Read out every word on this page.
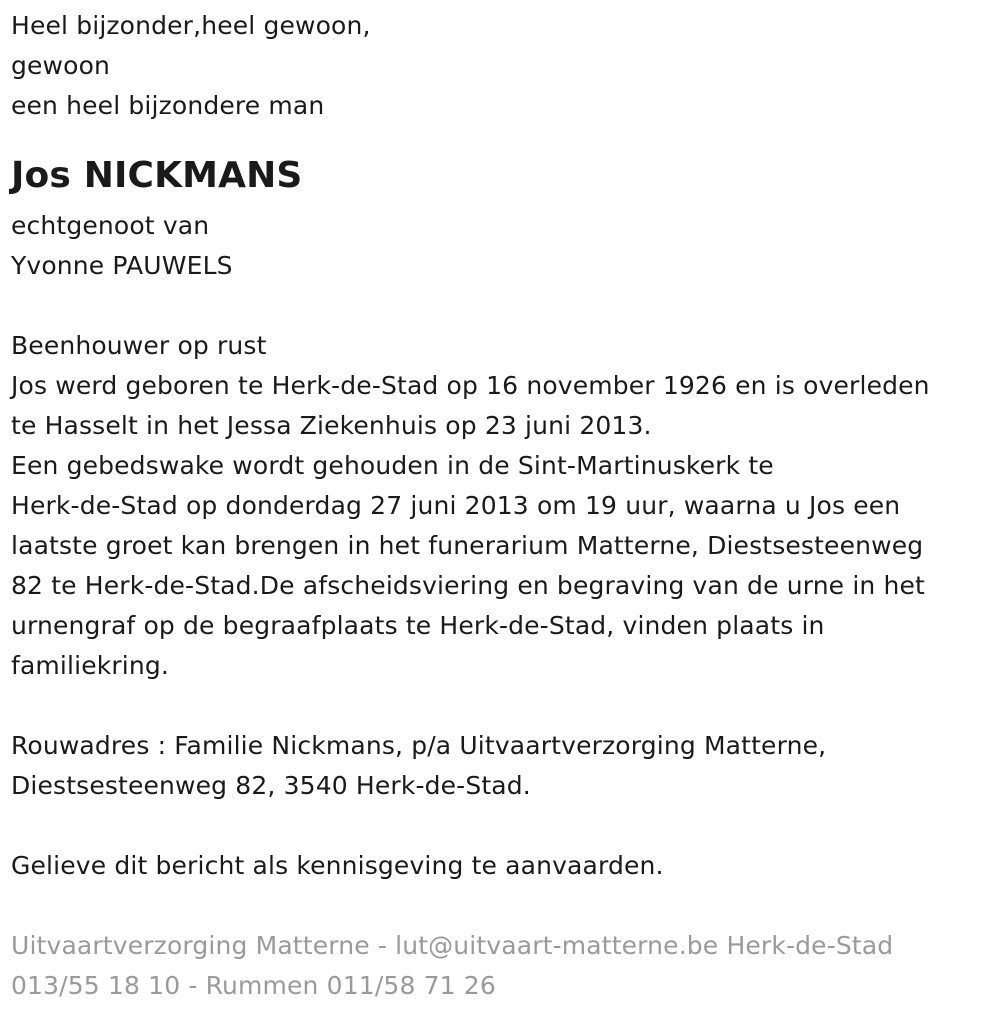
Heel bijzonder,heel gewoon,
gewoon
een heel bijzondere man
Jos NICKMANS
echtgenoot van
Yvonne PAUWELS
Beenhouwer op rust
Jos werd geboren te Herk-de-Stad op 16 november 1926 en is overleden
te Hasselt in het Jessa Ziekenhuis op 23 juni 2013.
Een gebedswake wordt gehouden in de Sint-Martinuskerk te
Herk-de-Stad op donderdag 27 juni 2013 om 19 uur, waarna u Jos een
laatste groet kan brengen in het funerarium Matterne, Diestsesteenweg
82 te Herk-de-Stad.De afscheidsviering en begraving van de urne in het
urnengraf op de begraafplaats te Herk-de-Stad, vinden plaats in
familiekring.
Rouwadres : Familie Nickmans, p/a Uitvaartverzorging Matterne,
Diestsesteenweg 82, 3540 Herk-de-Stad.
Gelieve dit bericht als kennisgeving te aanvaarden.
Uitvaartverzorging Matterne - lut@uitvaart-matterne.be Herk-de-Stad
013/55 18 10 - Rummen 011/58 71 26
